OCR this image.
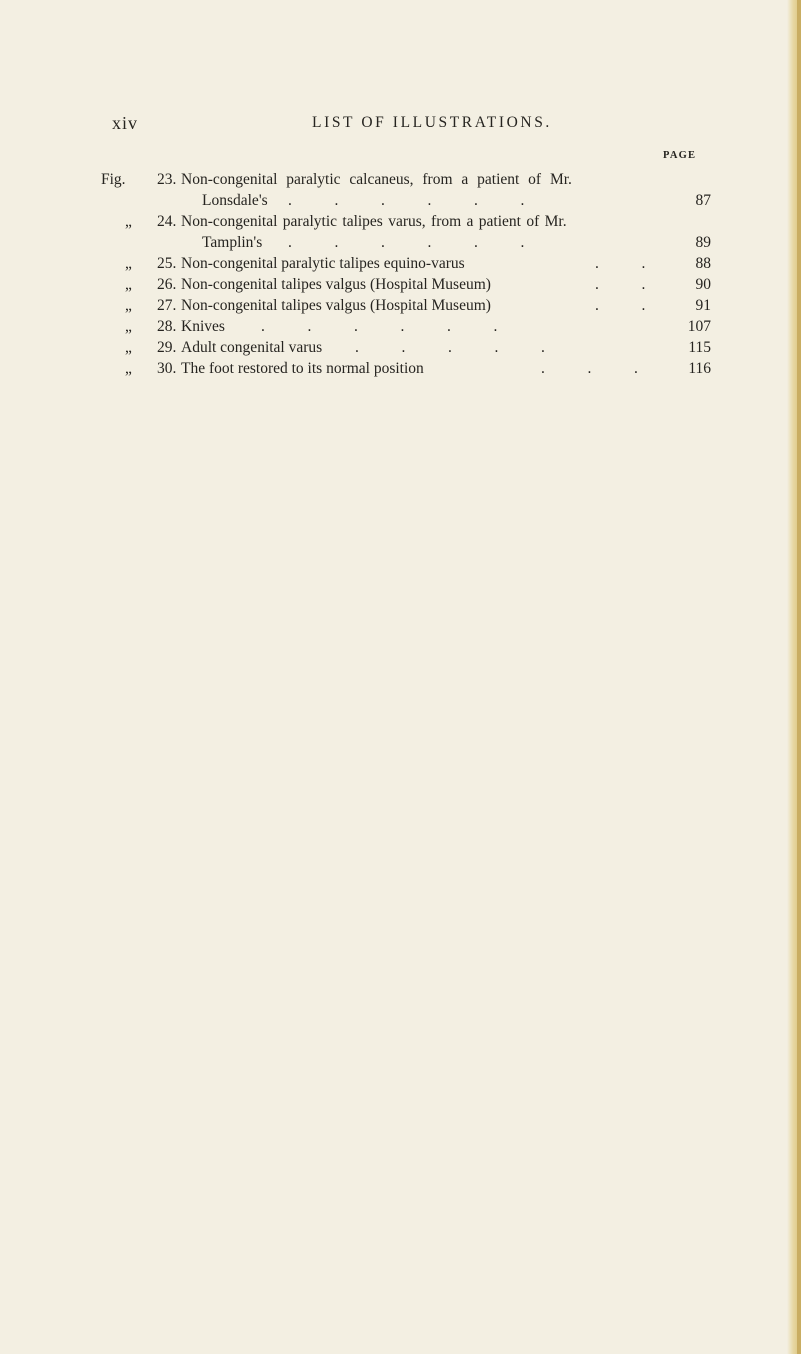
xiv	LIST OF ILLUSTRATIONS.
PAGE
Fig.	23. Non-congenital paralytic calcaneus, from a patient of Mr.
Lonsdale's .           .           .           .           .           .	87
„	24. Non-congenital paralytic talipes varus, from a patient of Mr.
Tamplin's .           .           .           .           .           .	89
„	25. Non-congenital paralytic talipes equino-varus	.           .	88
„	26. Non-congenital talipes valgus (Hospital Museum)	.           .	90
„	27. Non-congenital talipes valgus (Hospital Museum)	.           .	91
„	28. Knives .           .           .           .           .           .	107
„	29. Adult congenital varus .           .           .           .           .	115
„	30. The foot restored to its normal position	.           .           .	116
